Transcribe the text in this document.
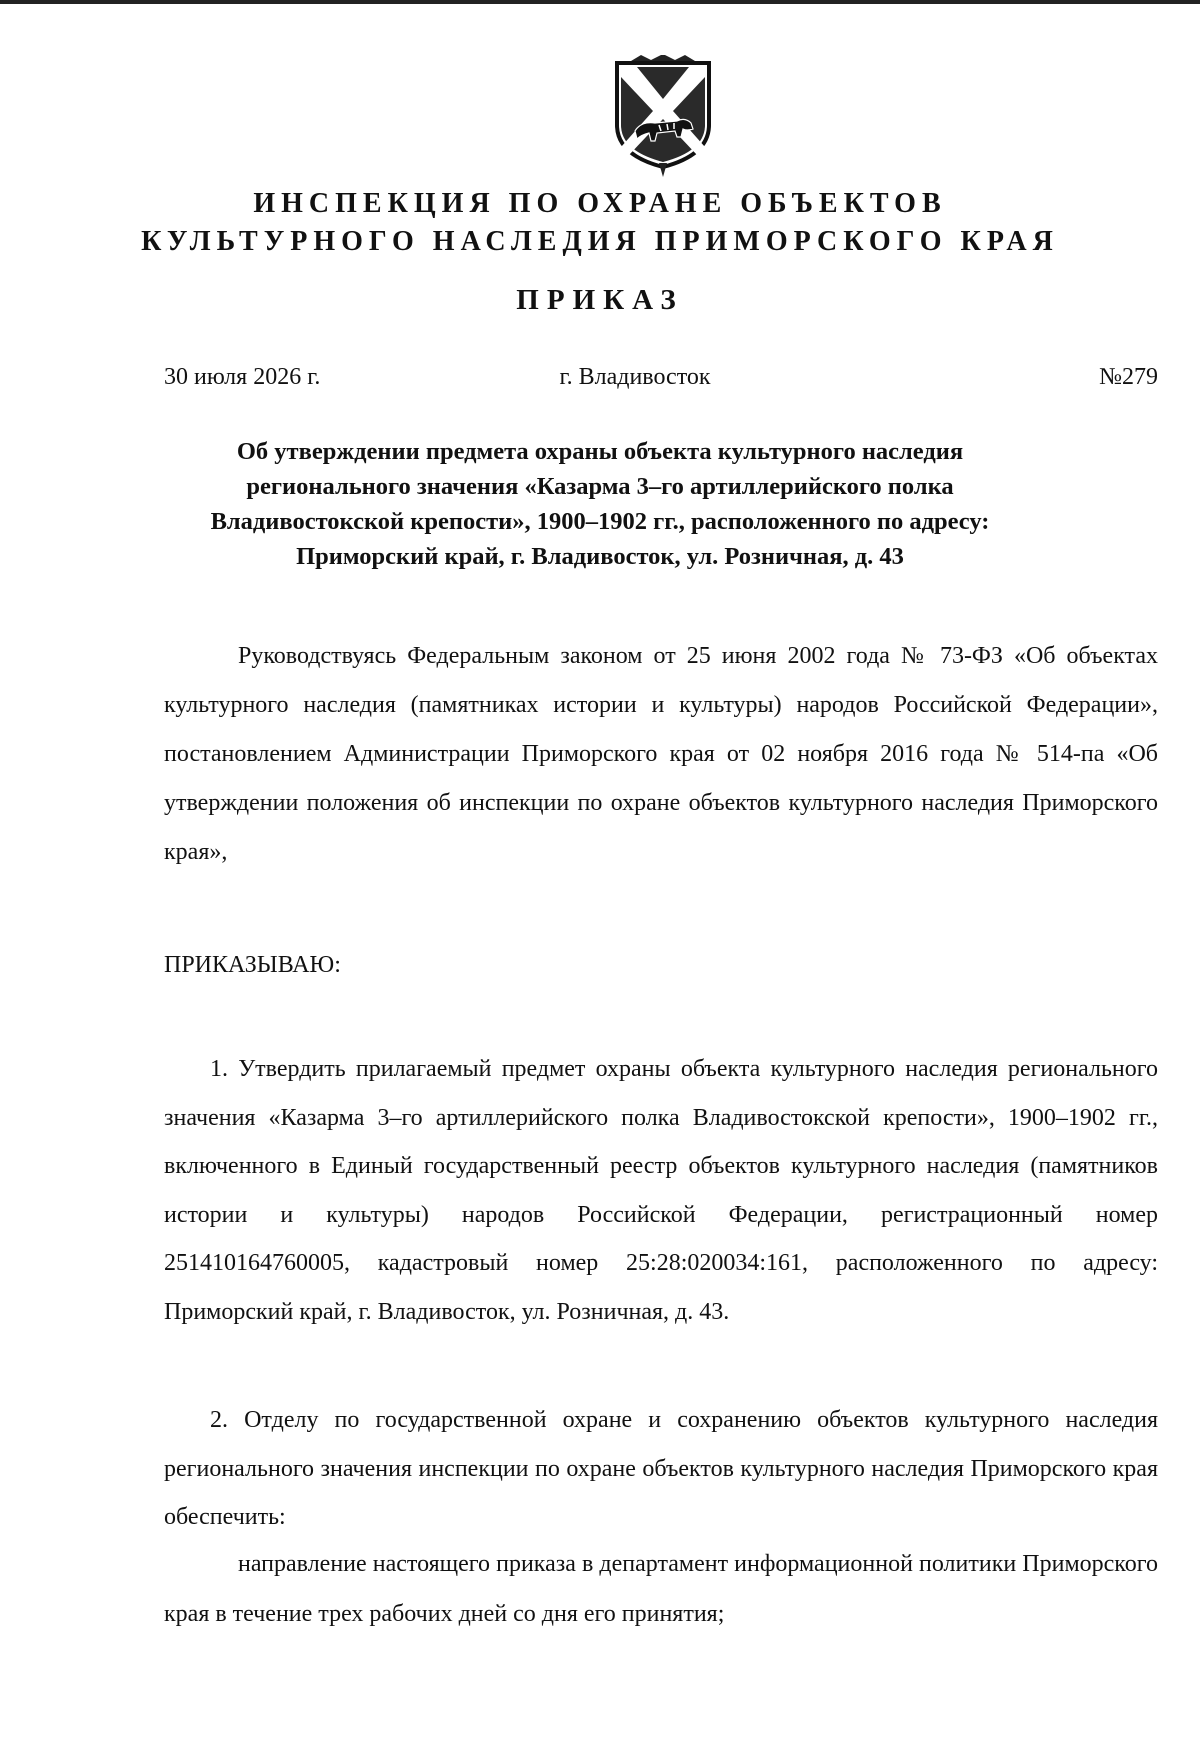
ИНСПЕКЦИЯ ПО ОХРАНЕ ОБЪЕКТОВ
КУЛЬТУРНОГО НАСЛЕДИЯ ПРИМОРСКОГО КРАЯ
ПРИКАЗ
30 июля 2026 г.	г. Владивосток	№279
Об утверждении предмета охраны объекта культурного наследия регионального значения «Казарма 3–го артиллерийского полка Владивостокской крепости», 1900–1902 гг., расположенного по адресу: Приморский край, г. Владивосток, ул. Розничная, д. 43
Руководствуясь Федеральным законом от 25 июня 2002 года № 73-ФЗ «Об объектах культурного наследия (памятниках истории и культуры) народов Российской Федерации», постановлением Администрации Приморского края от 02 ноября 2016 года № 514-па «Об утверждении положения об инспекции по охране объектов культурного наследия Приморского края»,
ПРИКАЗЫВАЮ:
1. Утвердить прилагаемый предмет охраны объекта культурного наследия регионального значения «Казарма 3–го артиллерийского полка Владивостокской крепости», 1900–1902 гг., включенного в Единый государственный реестр объектов культурного наследия (памятников истории и культуры) народов Российской Федерации, регистрационный номер 251410164760005, кадастровый номер 25:28:020034:161, расположенного по адресу: Приморский край, г. Владивосток, ул. Розничная, д. 43.
2. Отделу по государственной охране и сохранению объектов культурного наследия регионального значения инспекции по охране объектов культурного наследия Приморского края обеспечить:
направление настоящего приказа в департамент информационной политики Приморского края в течение трех рабочих дней со дня его принятия;
